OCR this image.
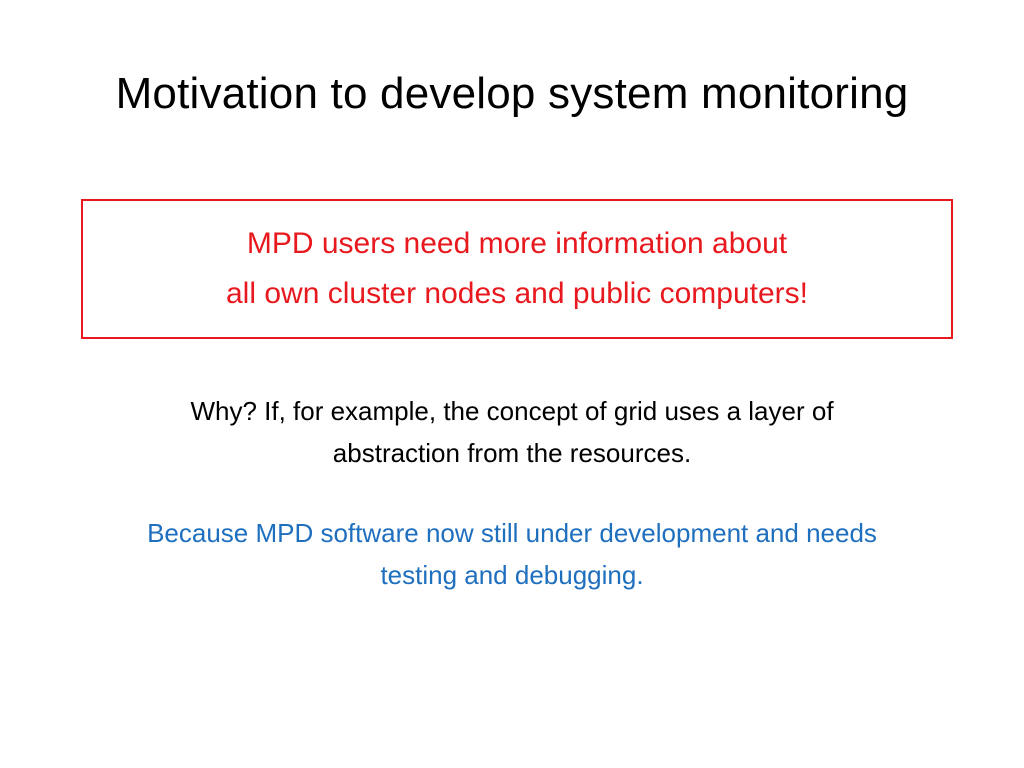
Motivation to develop system monitoring
MPD users need more information about
all own cluster nodes and public computers!
Why? If, for example, the concept of grid uses a layer of
abstraction from the resources.
Because MPD software now still under development and needs
testing and debugging.
